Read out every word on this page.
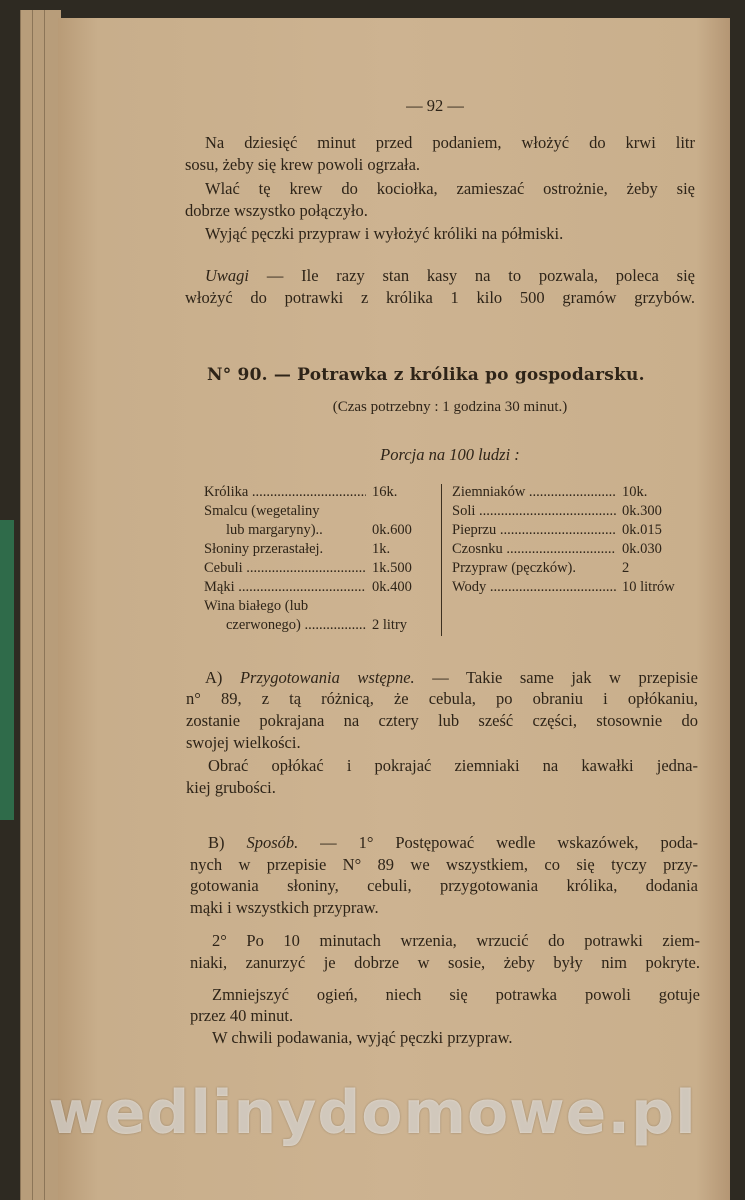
— 92 —
Na dziesięć minut przed podaniem, włożyć do krwi litr
sosu, żeby się krew powoli ogrzała.
Wlać tę krew do kociołka, zamieszać ostrożnie, żeby się
dobrze wszystko połączyło.
Wyjąć pęczki przypraw i wyłożyć króliki na półmiski.
Uwagi — Ile razy stan kasy na to pozwala, poleca się
włożyć do potrawki z królika 1 kilo 500 gramów grzybów.
N° 90. — Potrawka z królika po gospodarsku.
(Czas potrzebny : 1 godzina 30 minut.)
Porcja na 100 ludzi :
Królika .....	16k.
Smalcu (wegetaliny
lub margaryny)..	0k.600
Słoniny przerastałej.	1k.
Cebuli .....	1k.500
Mąki .....	0k.400
Wina białego (lub
czerwonego) .....	2 litry
Ziemniaków .....	10k.
Soli .....	0k.300
Pieprzu .....	0k.015
Czosnku .....	0k.030
Przypraw (pęczków).	2
Wody .....	10 litrów
A) Przygotowania wstępne. — Takie same jak w przepisie
n° 89, z tą różnicą, że cebula, po obraniu i opłókaniu,
zostanie pokrajana na cztery lub sześć części, stosownie do
swojej wielkości.
Obrać opłókać i pokrajać ziemniaki na kawałki jedna-
kiej grubości.
B) Sposób. — 1° Postępować wedle wskazówek, poda-
nych w przepisie N° 89 we wszystkiem, co się tyczy przy-
gotowania słoniny, cebuli, przygotowania królika, dodania
mąki i wszystkich przypraw.
2° Po 10 minutach wrzenia, wrzucić do potrawki ziem-
niaki, zanurzyć je dobrze w sosie, żeby były nim pokryte.
Zmniejszyć ogień, niech się potrawka powoli gotuje
przez 40 minut.
W chwili podawania, wyjąć pęczki przypraw.
wedlinydomowe.pl
